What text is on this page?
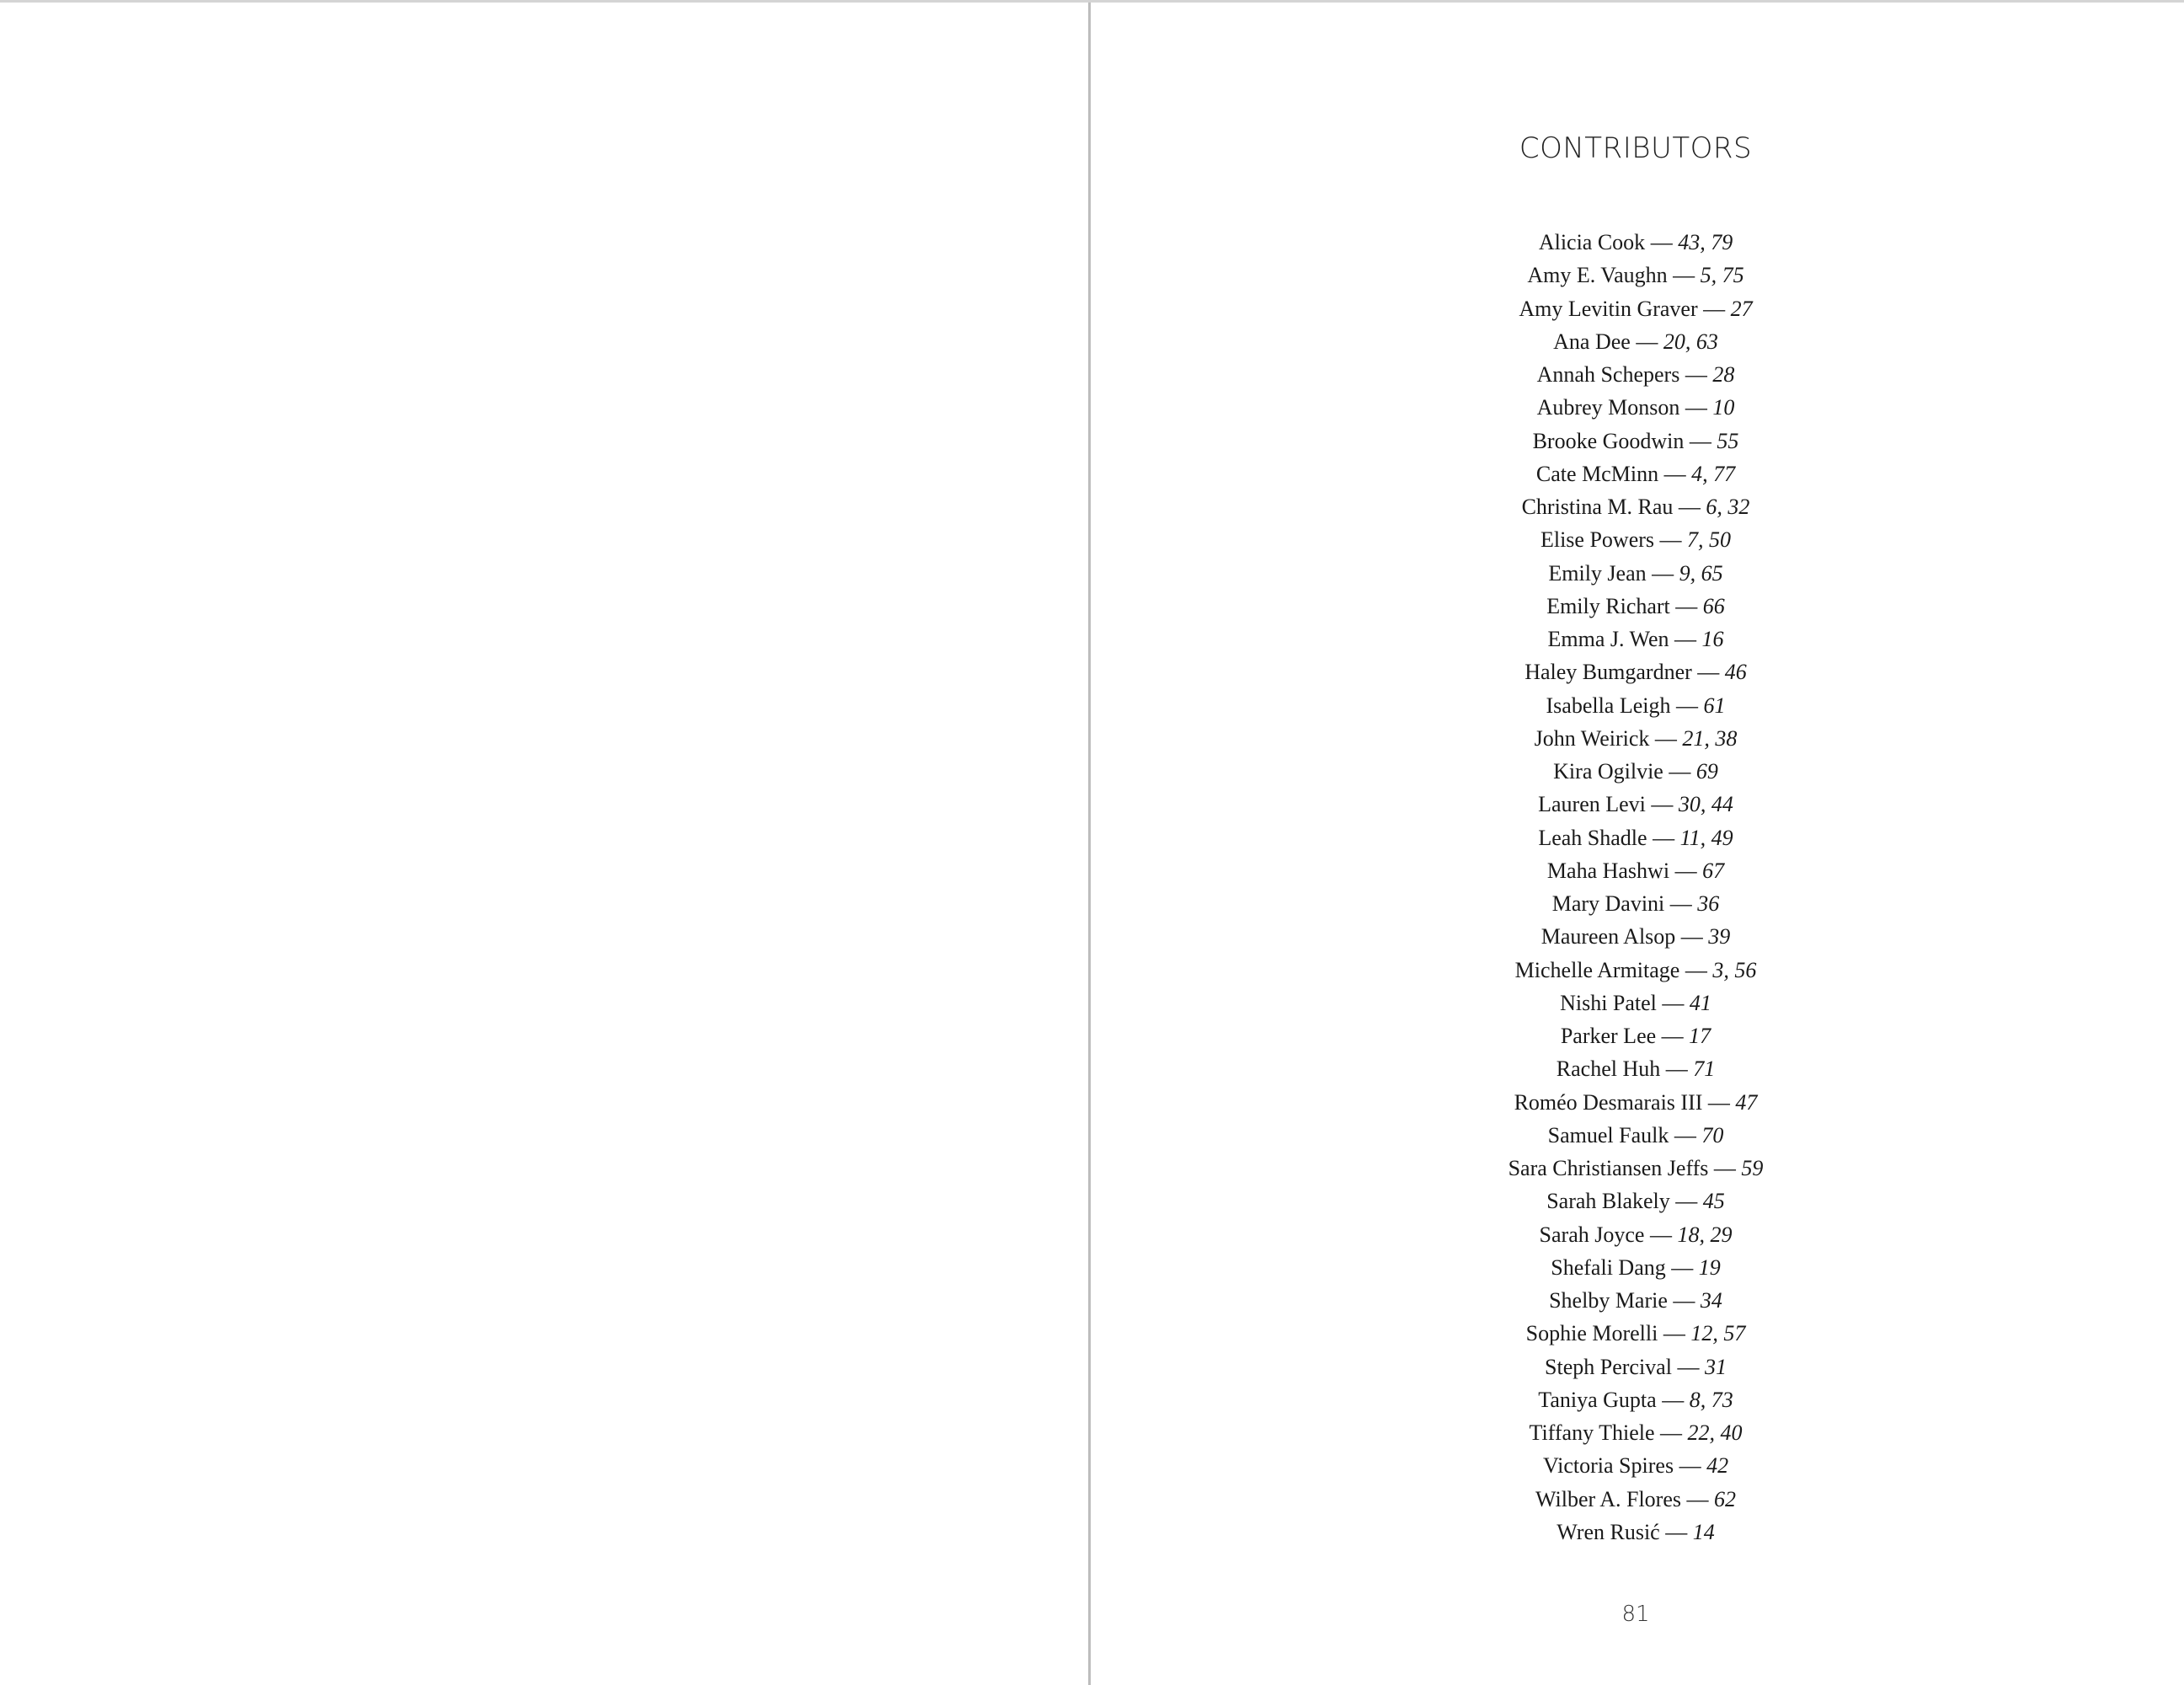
CONTRIBUTORS
Alicia Cook — 43, 79
Amy E. Vaughn — 5, 75
Amy Levitin Graver — 27
Ana Dee — 20, 63
Annah Schepers — 28
Aubrey Monson — 10
Brooke Goodwin — 55
Cate McMinn — 4, 77
Christina M. Rau — 6, 32
Elise Powers — 7, 50
Emily Jean — 9, 65
Emily Richart — 66
Emma J. Wen — 16
Haley Bumgardner — 46
Isabella Leigh — 61
John Weirick — 21, 38
Kira Ogilvie — 69
Lauren Levi — 30, 44
Leah Shadle — 11, 49
Maha Hashwi — 67
Mary Davini — 36
Maureen Alsop — 39
Michelle Armitage — 3, 56
Nishi Patel — 41
Parker Lee — 17
Rachel Huh — 71
Roméo Desmarais III — 47
Samuel Faulk — 70
Sara Christiansen Jeffs — 59
Sarah Blakely — 45
Sarah Joyce — 18, 29
Shefali Dang — 19
Shelby Marie — 34
Sophie Morelli — 12, 57
Steph Percival — 31
Taniya Gupta — 8, 73
Tiffany Thiele — 22, 40
Victoria Spires — 42
Wilber A. Flores — 62
Wren Rusić — 14
81
